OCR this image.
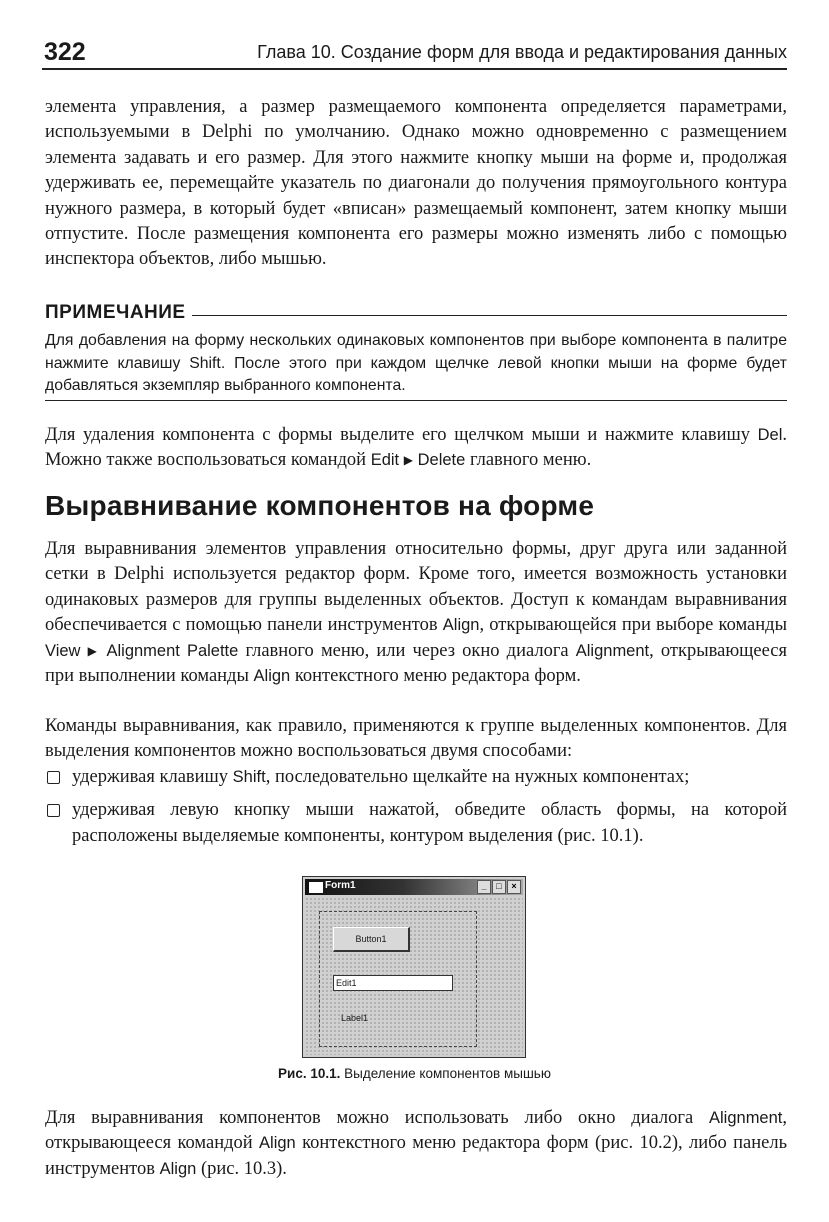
322	Глава 10. Создание форм для ввода и редактирования данных

элемента управления, а размер размещаемого компонента определяется параметрами, используемыми в Delphi по умолчанию. Однако можно одновременно с размещением элемента задавать и его размер. Для этого нажмите кнопку мыши на форме и, продолжая удерживать ее, перемещайте указатель по диагонали до получения прямоугольного контура нужного размера, в который будет «вписан» размещаемый компонент, затем кнопку мыши отпустите. После размещения компонента его размеры можно изменять либо с помощью инспектора объектов, либо мышью.

ПРИМЕЧАНИЕ

Для добавления на форму нескольких одинаковых компонентов при выборе компонента в палитре нажмите клавишу Shift. После этого при каждом щелчке левой кнопки мыши на форме будет добавляться экземпляр выбранного компонента.

Для удаления компонента с формы выделите его щелчком мыши и нажмите клавишу Del. Можно также воспользоваться командой Edit ▶ Delete главного меню.

Выравнивание компонентов на форме

Для выравнивания элементов управления относительно формы, друг друга или заданной сетки в Delphi используется редактор форм. Кроме того, имеется возможность установки одинаковых размеров для группы выделенных объектов. Доступ к командам выравнивания обеспечивается с помощью панели инструментов Align, открывающейся при выборе команды View ▶ Alignment Palette главного меню, или через окно диалога Alignment, открывающееся при выполнении команды Align контекстного меню редактора форм.

Команды выравнивания, как правило, применяются к группе выделенных компонентов. Для выделения компонентов можно воспользоваться двумя способами:

удерживая клавишу Shift, последовательно щелкайте на нужных компонентах;
удерживая левую кнопку мыши нажатой, обведите область формы, на которой расположены выделяемые компоненты, контуром выделения (рис. 10.1).
Form1	_	□	×
Button1
Edit1
Label1
Рис. 10.1. Выделение компонентов мышью

Для выравнивания компонентов можно использовать либо окно диалога Alignment, открывающееся командой Align контекстного меню редактора форм (рис. 10.2), либо панель инструментов Align (рис. 10.3).
